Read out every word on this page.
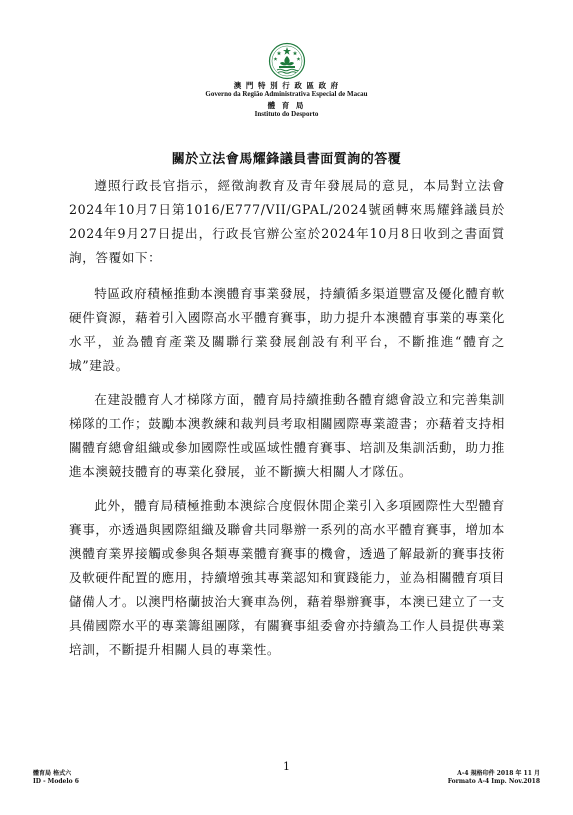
澳 門 特 別 行 政 區 政 府
Governo da Região Administrativa Especial de Macau
體 育 局
Instituto do Desporto
關於立法會馬耀鋒議員書面質詢的答覆

遵照行政長官指示，經徵詢教育及青年發展局的意見，本局對立法會2024年10月7日第1016/E777/VII/GPAL/2024號函轉來馬耀鋒議員於2024年9月27日提出，行政長官辦公室於2024年10月8日收到之書面質詢，答覆如下：

特區政府積極推動本澳體育事業發展，持續循多渠道豐富及優化體育軟硬件資源，藉着引入國際高水平體育賽事，助力提升本澳體育事業的專業化水平，並為體育產業及關聯行業發展創設有利平台，不斷推進“體育之城”建設。

在建設體育人才梯隊方面，體育局持續推動各體育總會設立和完善集訓梯隊的工作；鼓勵本澳教練和裁判員考取相關國際專業證書；亦藉着支持相關體育總會組織或參加國際性或區域性體育賽事、培訓及集訓活動，助力推進本澳競技體育的專業化發展，並不斷擴大相關人才隊伍。

此外，體育局積極推動本澳綜合度假休閒企業引入多項國際性大型體育賽事，亦透過與國際組織及聯會共同舉辦一系列的高水平體育賽事，增加本澳體育業界接觸或參與各類專業體育賽事的機會，透過了解最新的賽事技術及軟硬件配置的應用，持續增強其專業認知和實踐能力，並為相關體育項目儲備人才。以澳門格蘭披治大賽車為例，藉着舉辦賽事，本澳已建立了一支具備國際水平的專業籌組團隊，有關賽事組委會亦持續為工作人員提供專業培訓，不斷提升相關人員的專業性。

1
體育局 格式六
ID - Modelo 6
A-4 規格印件 2018 年 11 月
Formato A-4 Imp. Nov.2018
